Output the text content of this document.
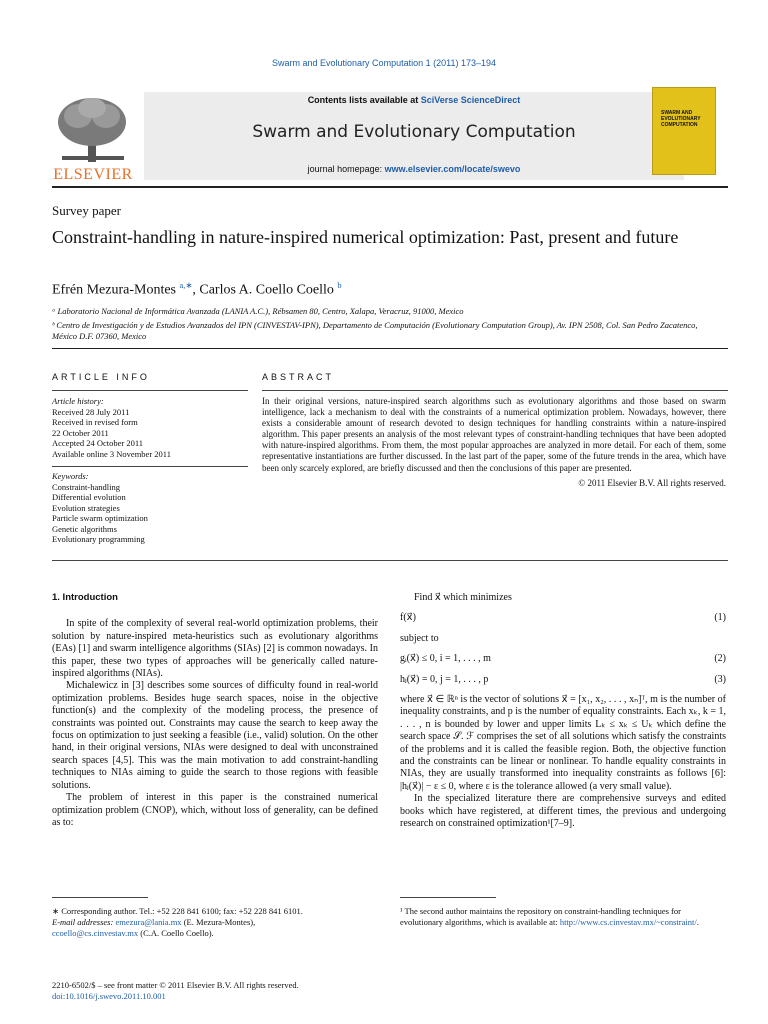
Swarm and Evolutionary Computation 1 (2011) 173–194
ELSEVIER
Contents lists available at SciVerse ScienceDirect
Swarm and Evolutionary Computation
journal homepage: www.elsevier.com/locate/swevo
SWARM AND
EVOLUTIONARY
COMPUTATION
Survey paper
Constraint-handling in nature-inspired numerical optimization: Past, present and future
Efrén Mezura-Montes $^{a,∗}$, Carlos A. Coello Coello $^b$
ᵃ Laboratorio Nacional de Informática Avanzada (LANIA A.C.), Rébsamen 80, Centro, Xalapa, Veracruz, 91000, Mexico
ᵇ Centro de Investigación y de Estudios Avanzados del IPN (CINVESTAV-IPN), Departamento de Computación (Evolutionary Computation Group), Av. IPN 2508, Col. San Pedro Zacatenco, México D.F. 07360, Mexico
ARTICLE INFO	ABSTRACT
Article history:
Received 28 July 2011
Received in revised form
22 October 2011
Accepted 24 October 2011
Available online 3 November 2011
Keywords:
Constraint-handling
Differential evolution
Evolution strategies
Particle swarm optimization
Genetic algorithms
Evolutionary programming
In their original versions, nature-inspired search algorithms such as evolutionary algorithms and those based on swarm intelligence, lack a mechanism to deal with the constraints of a numerical optimization problem. Nowadays, however, there exists a considerable amount of research devoted to design techniques for handling constraints within a nature-inspired algorithm. This paper presents an analysis of the most relevant types of constraint-handling techniques that have been adopted with nature-inspired algorithms. From them, the most popular approaches are analyzed in more detail. For each of them, some representative instantiations are further discussed. In the last part of the paper, some of the future trends in the area, which have been only scarcely explored, are briefly discussed and then the conclusions of this paper are presented.
© 2011 Elsevier B.V. All rights reserved.
1. Introduction

In spite of the complexity of several real-world optimization problems, their solution by nature-inspired meta-heuristics such as evolutionary algorithms (EAs) [1] and swarm intelligence algorithms (SIAs) [2] is common nowadays. In this paper, these two types of approaches will be generically called nature-inspired algorithms (NIAs).

Michalewicz in [3] describes some sources of difficulty found in real-world optimization problems. Besides huge search spaces, noise in the objective function(s) and the complexity of the modeling process, the presence of constraints was pointed out. Constraints may cause the search to keep away the focus on optimization to just seeking a feasible (i.e., valid) solution. On the other hand, in their original versions, NIAs were designed to deal with unconstrained search spaces [4,5]. This was the main motivation to add constraint-handling techniques to NIAs aiming to guide the search to those regions with feasible solutions.

The problem of interest in this paper is the constrained numerical optimization problem (CNOP), which, without loss of generality, can be defined as to:

Find x⃗ which minimizes

f(x⃗)	(1)

subject to

gᵢ(x⃗) ≤ 0, i = 1, . . . , m	(2)
hⱼ(x⃗) = 0, j = 1, . . . , p	(3)

where x⃗ ∈ ℝⁿ is the vector of solutions x⃗ = [x₁, x₂, . . . , xₙ]ᵀ, m is the number of inequality constraints, and p is the number of equality constraints. Each xₖ, k = 1, . . . , n is bounded by lower and upper limits Lₖ ≤ xₖ ≤ Uₖ which define the search space 𝒮. ℱ comprises the set of all solutions which satisfy the constraints of the problems and it is called the feasible region. Both, the objective function and the constraints can be linear or nonlinear. To handle equality constraints in NIAs, they are usually transformed into inequality constraints as follows [6]: |hⱼ(x⃗)| − ε ≤ 0, where ε is the tolerance allowed (a very small value).

In the specialized literature there are comprehensive surveys and edited books which have registered, at different times, the previous and undergoing research on constrained optimization¹[7–9].

∗ Corresponding author. Tel.: +52 228 841 6100; fax: +52 228 841 6101.
E-mail addresses: emezura@lania.mx (E. Mezura-Montes),
ccoello@cs.cinvestav.mx (C.A. Coello Coello).
¹ The second author maintains the repository on constraint-handling techniques for evolutionary algorithms, which is available at: http://www.cs.cinvestav.mx/~constraint/.
2210-6502/$ – see front matter © 2011 Elsevier B.V. All rights reserved.
doi:10.1016/j.swevo.2011.10.001
